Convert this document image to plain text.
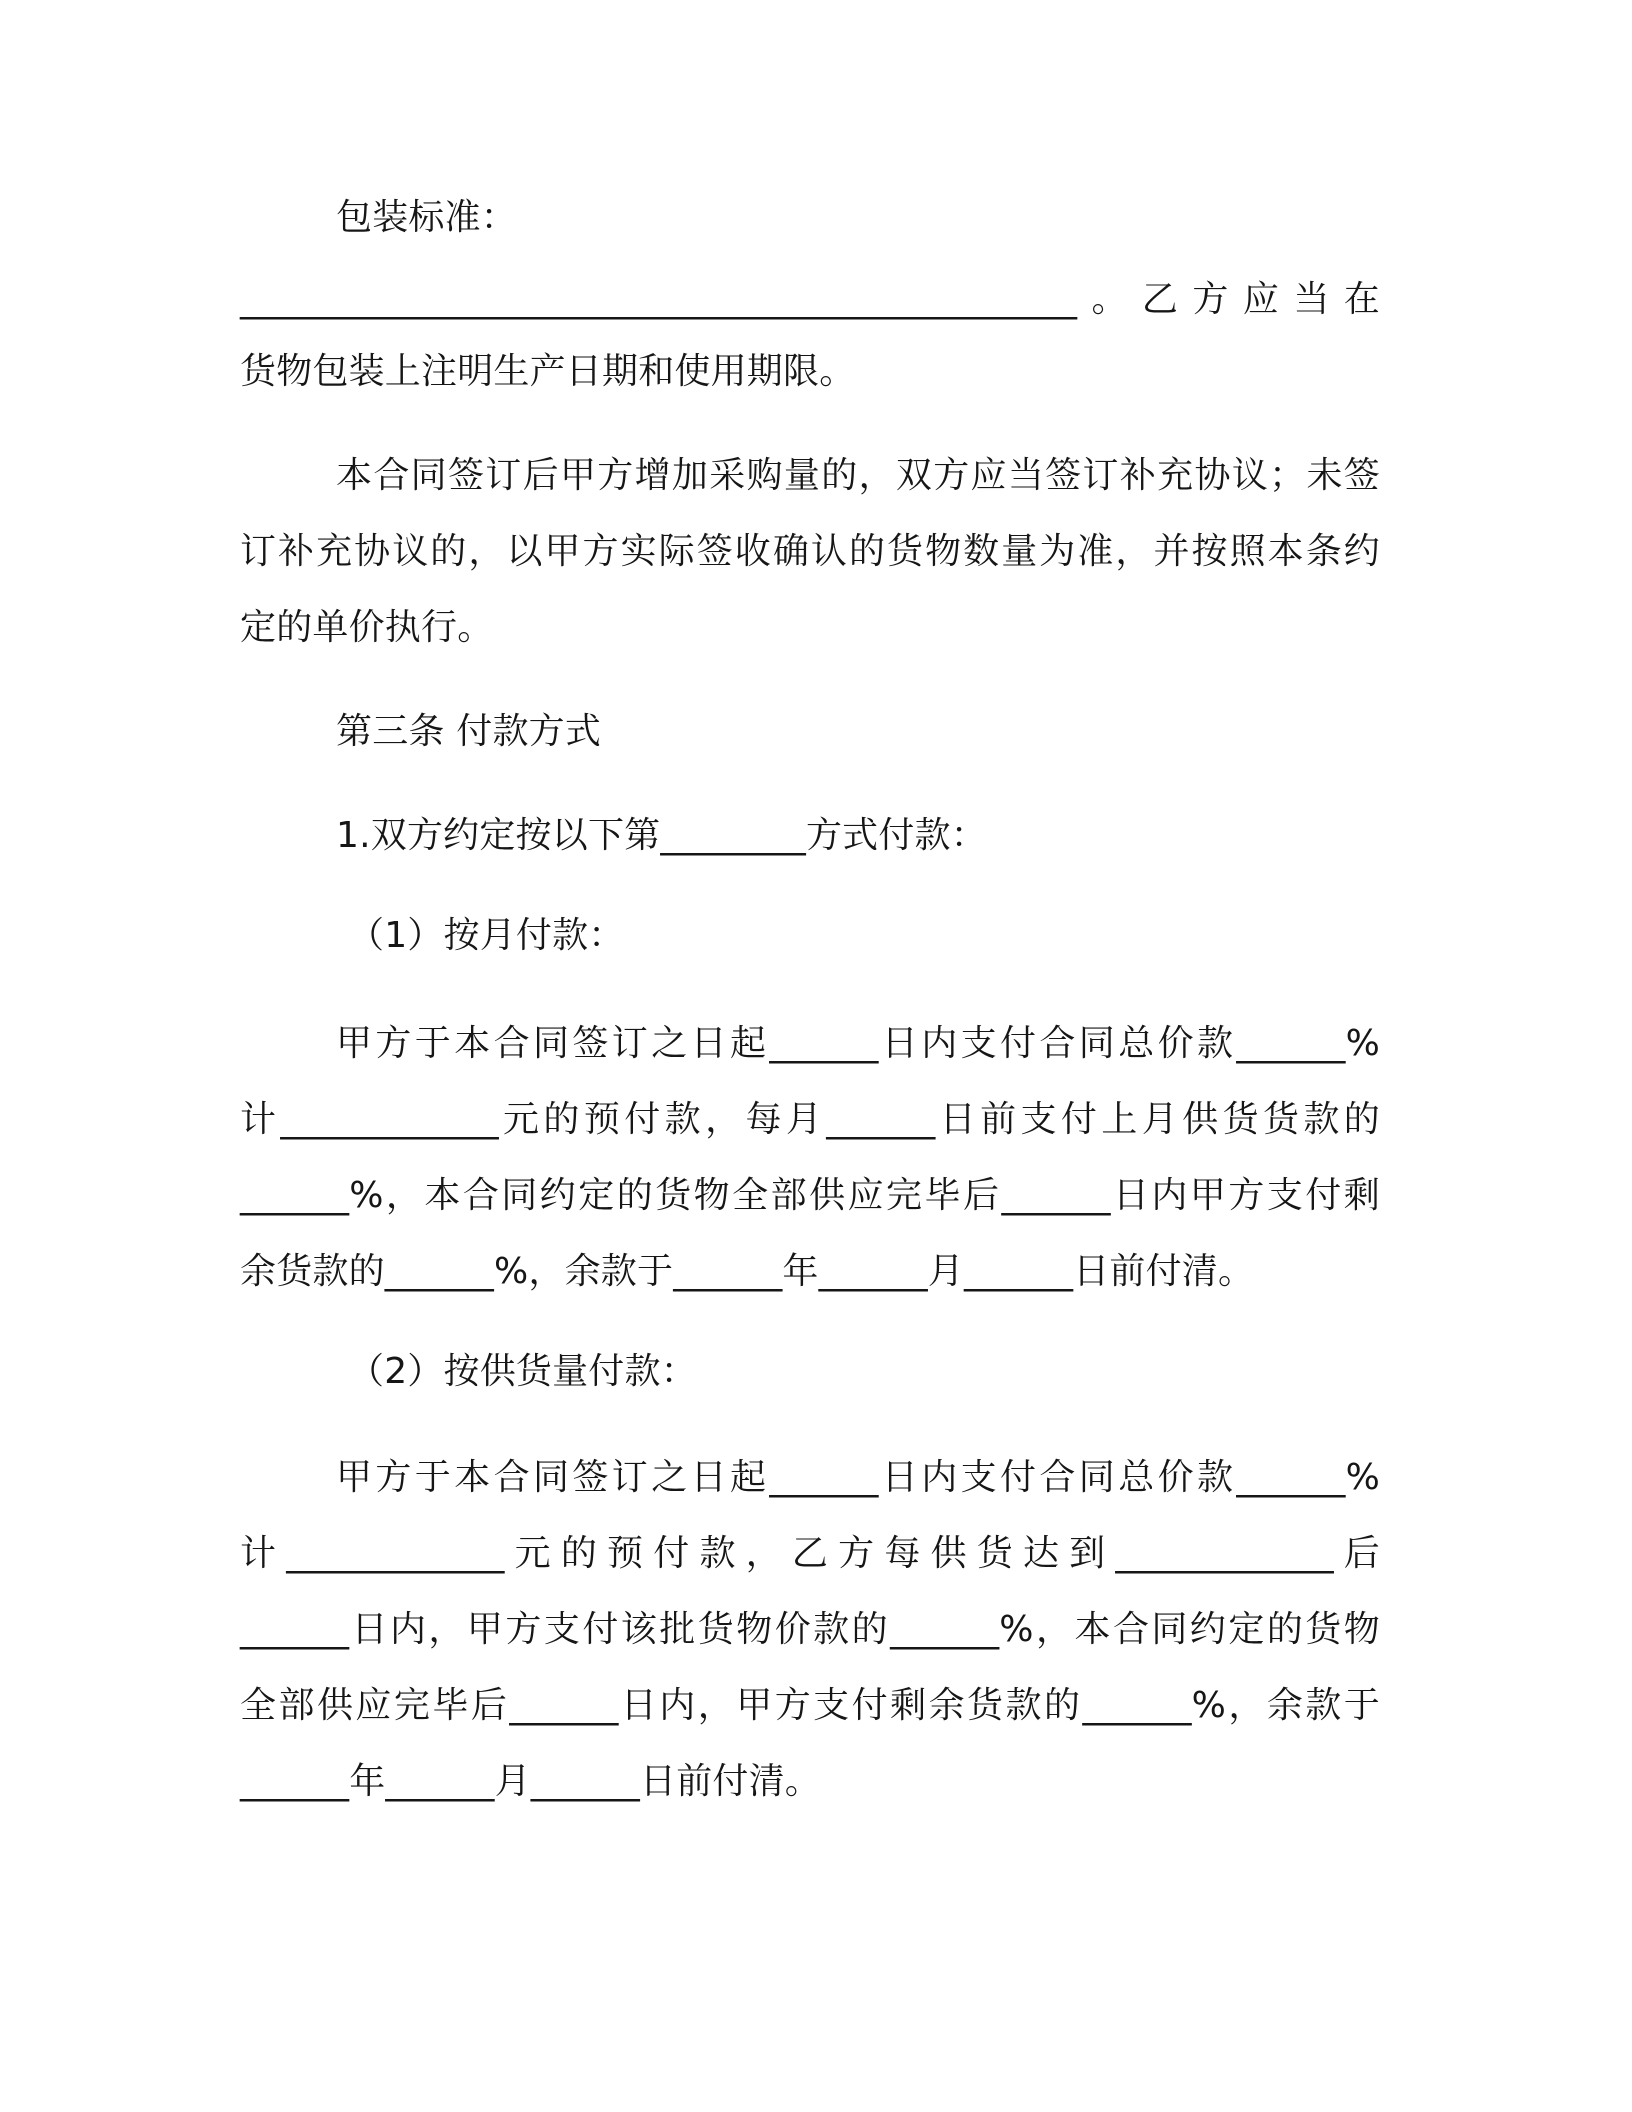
包装标准：
______________________________________________。乙方应当在
货物包装上注明生产日期和使用期限。
本合同签订后甲方增加采购量的，双方应当签订补充协议；未签
订补充协议的，以甲方实际签收确认的货物数量为准，并按照本条约
定的单价执行。
第三条 付款方式
1.双方约定按以下第________方式付款：
（1）按月付款：
甲方于本合同签订之日起______日内支付合同总价款______%
计____________元的预付款，每月______日前支付上月供货货款的
______%，本合同约定的货物全部供应完毕后______日内甲方支付剩
余货款的______%，余款于______年______月______日前付清。
（2）按供货量付款：
甲方于本合同签订之日起______日内支付合同总价款______%
计____________元的预付款，乙方每供货达到____________后
______日内，甲方支付该批货物价款的______%，本合同约定的货物
全部供应完毕后______日内，甲方支付剩余货款的______%，余款于
______年______月______日前付清。
